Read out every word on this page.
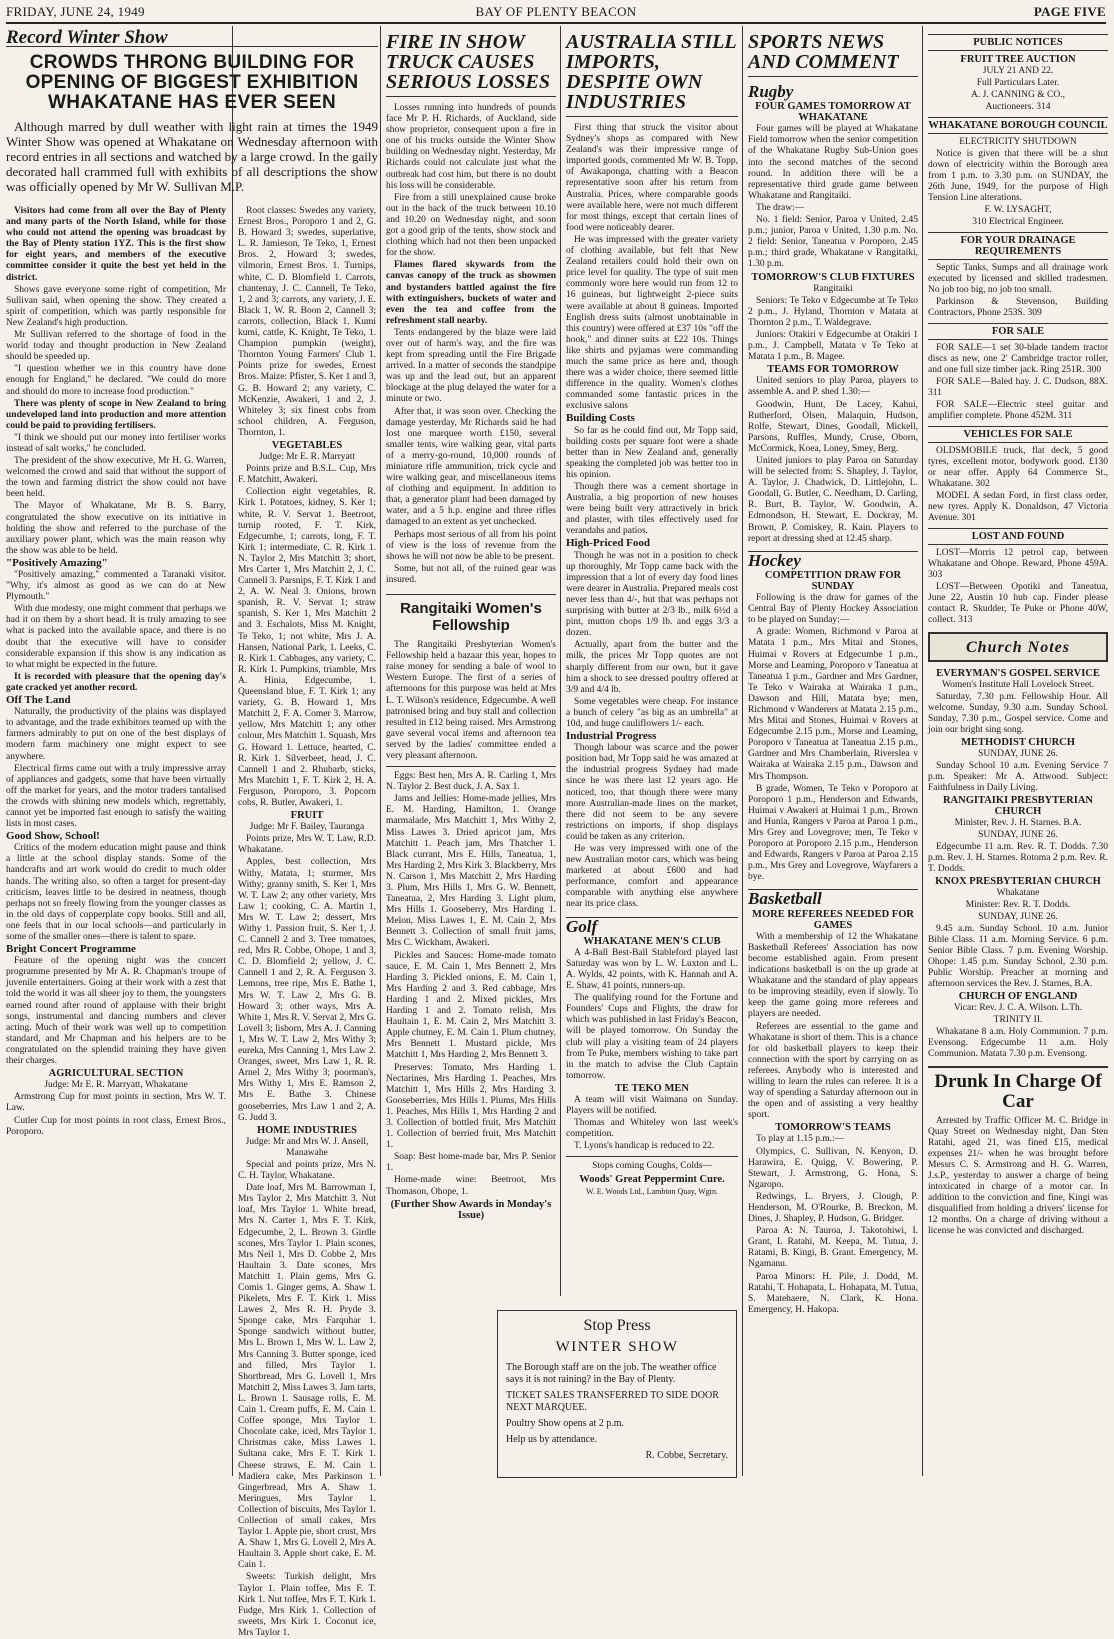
FRIDAY, JUNE 24, 1949	BAY OF PLENTY BEACON	PAGE FIVE
Record Winter Show
CROWDS THRONG BUILDING FOR OPENING OF BIGGEST EXHIBITION WHAKATANE HAS EVER SEEN

Although marred by dull weather with light rain at times the 1949 Winter Show was opened at Whakatane on Wednesday afternoon with record entries in all sections and watched by a large crowd. In the gaily decorated hall crammed full with exhibits of all descriptions the show was officially opened by Mr W. Sullivan M.P.

Visitors had come from all over the Bay of Plenty and many parts of the North Island, while for those who could not attend the opening was broadcast by the Bay of Plenty station 1YZ. This is the first show for eight years, and members of the executive committee consider it quite the best yet held in the district.

Shows gave everyone some right of competition, Mr Sullivan said, when opening the show. They created a spirit of competition, which was partly responsible for New Zealand's high production.

Mr Sullivan referred to the shortage of food in the world today and thought production in New Zealand should be speeded up.

"I question whether we in this country have done enough for England," he declared. "We could do more and should do more to increase food production."

There was plenty of scope in New Zealand to bring undeveloped land into production and more attention could be paid to providing fertilisers.

"I think we should put our money into fertiliser works instead of salt works," he concluded.

The president of the show executive, Mr H. G. Warren, welcomed the crowd and said that without the support of the town and farming district the show could not have been held.

The Mayor of Whakatane, Mr B. S. Barry, congratulated the show executive on its initiative in holding the show and referred to the purchase of the auxiliary power plant, which was the main reason why the show was able to be held.

"Positively Amazing"

"Positively amazing," commented a Taranaki visitor. "Why, it's almost as good as we can do at New Plymouth."

With due modesty, one might comment that perhaps we had it on them by a short head. It is truly amazing to see what is packed into the available space, and there is no doubt that the executive will have to consider considerable expansion if this show is any indication as to what might be expected in the future.

It is recorded with pleasure that the opening day's gate cracked yet another record.

Off The Land

Naturally, the productivity of the plains was displayed to advantage, and the trade exhibitors teamed up with the farmers admirably to put on one of the best displays of modern farm machinery one might expect to see anywhere.

Electrical firms came out with a truly impressive array of appliances and gadgets, some that have been virtually off the market for years, and the motor traders tantalised the crowds with shining new models which, regrettably, cannot yet be imported fast enough to satisfy the waiting lists in most cases.

Good Show, School!

Critics of the modern education might pause and think a little at the school display stands. Some of the handcrafts and art work would do credit to much older hands. The writing also, so often a target for present-day criticism, leaves little to be desired in neatness, though perhaps not so freely flowing from the younger classes as in the old days of copperplate copy books. Still and all, one feels that in our local schools—and particularly in some of the smaller ones—there is talent to spare.

Bright Concert Programme

Feature of the opening night was the concert programme presented by Mr A. R. Chapman's troupe of juvenile entertainers. Going at their work with a zest that told the world it was all sheer joy to them, the youngsters earned round after round of applause with their bright songs, instrumental and dancing numbers and clever acting. Much of their work was well up to competition standard, and Mr Chapman and his helpers are to be congratulated on the splendid training they have given their charges.

AGRICULTURAL SECTION

Judge: Mr E. R. Marryatt, Whakatane

Armstrong Cup for most points in section, Mrs W. T. Law.

Cutler Cup for most points in root class, Ernest Bros., Poroporo.

Root classes: Swedes any variety, Ernest Bros., Poroporo 1 and 2, G. B. Howard 3; swedes, superlative, L. R. Jamieson, Te Teko, 1, Ernest Bros. 2, Howard 3; swedes, vilmorin, Ernest Bros. 1. Turnips, white, C. D. Blomfield 1. Carrots, chantenay, J. C. Cannell, Te Teko, 1, 2 and 3; carrots, any variety, J. E. Black 1, W. R. Boon 2, Cannell 3; carrots, collection, Black 1. Kumi kumi, cattle, K. Knight, Te Teko, 1. Champion pumpkin (weight), Thornton Young Farmers' Club 1. Points prize for swedes, Ernest Bros. Maize: Pfister, S. Ker 1 and 3, G. B. Howard 2; any variety, C. McKenzie, Awakeri, 1 and 2, J. Whiteley 3; six finest cobs from school children, A. Ferguson, Thornton, 1.

VEGETABLES

Judge: Mr E. R. Marryatt

Points prize and B.S.L. Cup, Mrs F. Matchitt, Awakeri.

Collection eight vegetables, R. Kirk 1. Potatoes, kidney, S. Ker 1; white, R. V. Servat 1. Beetroot, turnip rooted, F. T. Kirk, Edgecumbe, 1; carrots, long, F. T. Kirk 1; intermediate, C. R. Kirk 1. N. Taylor 2, Mrs Matchitt 3; short, Mrs Carter 1, Mrs Matchitt 2, J. C. Cannell 3. Parsnips, F. T. Kirk 1 and 2, A. W. Neal 3. Onions, brown spanish, R. V. Servat 1; straw spanish, S. Ker 1, Mrs Matchitt 2 and 3. Eschalots, Miss M. Knight, Te Teko, 1; not white, Mrs J. A. Hansen, National Park, 1. Leeks, C. R. Kirk 1. Cabbages, any variety, C. R. Kirk 1. Pumpkins, triamble, Mrs A. Hinia, Edgecumbe, 1. Queensland blue, F. T. Kirk 1; any variety, G. B. Howard 1, Mrs Matchitt 2, F. A. Comer 3. Marrow, yellow, Mrs Matchitt 1; any other colour, Mrs Matchitt 1. Squash, Mrs G. Howard 1. Lettuce, hearted, C. R. Kirk 1. Silverbeet, head, J. C. Cannell 1 and 2. Rhubarb, sticks, Mrs Matchitt 1, F. T. Kirk 2, H. A. Ferguson, Poroporo, 3. Popcorn cobs, R. Butler, Awakeri, 1.

FRUIT

Judge: Mr F. Bailey, Tauranga

Points prize, Mrs W. T. Law, R.D. Whakatane.

Apples, best collection, Mrs Withy, Matata, 1; sturmer, Mrs Withy; granny smith, S. Ker 1, Mrs W. T. Law 2; any other variety, Mrs Law 1; cooking, C. A. Martin 1, Mrs W. T. Law 2; dessert, Mrs Withy 1. Passion fruit, S. Ker 1, J. C. Cannell 2 and 3. Tree tomatoes, red, Mrs R. Cobbe, Ohope, 1 and 3, C. D. Blomfield 2; yellow, J. C. Cannell 1 and 2, R. A. Ferguson 3. Lemons, tree ripe, Mrs E. Bathe 1, Mrs W. T. Law 2, Mrs G. B. Howard 3; other ways, Mrs A. White 1, Mrs R. V. Servat 2, Mrs G. Lovell 3; lisborn, Mrs A. J. Canning 1, Mrs W. T. Law 2, Mrs Withy 3; eureka, Mrs Canning 1, Mrs Law 2. Oranges, sweet, Mrs Law 1, R. R. Arnel 2, Mrs Withy 3; poorman's, Mrs Withy 1, Mrs E. Ramson 2, Mrs E. Bathe 3. Chinese gooseberries, Mrs Law 1 and 2, A. G. Judd 3.

HOME INDUSTRIES

Judge: Mr and Mrs W. J. Ansell, Manawahe

Special and points prize, Mrs N. C. H. Taylor, Whakatane.

Date loaf, Mrs M. Barrowman 1, Mrs Taylor 2, Mrs Matchitt 3. Nut loaf, Mrs Taylor 1. White bread, Mrs N. Carter 1, Mrs F. T. Kirk, Edgecumbe, 2, L. Brown 3. Girdle scones, Mrs Taylor 1. Plain scones, Mrs Neil 1, Mrs D. Cobbe 2, Mrs Haultain 3. Date scones, Mrs Matchitt 1. Plain gems, Mrs G. Comis 1. Ginger gems, A. Shaw 1. Pikelets, Mrs F. T. Kirk 1. Miss Lawes 2, Mrs R. H. Pryde 3. Sponge cake, Mrs Farquhar 1. Sponge sandwich without butter, Mrs L. Brown 1, Mrs W. L. Law 2, Mrs Canning 3. Butter sponge, iced and filled, Mrs Taylor 1. Shortbread, Mrs G. Lovell 1, Mrs Matchitt 2, Miss Lawes 3. Jam tarts, L. Brown 1. Sausage rolls, E. M. Cain 1. Cream puffs, E. M. Cain 1. Coffee sponge, Mrs Taylor 1. Chocolate cake, iced, Mrs Taylor 1. Christmas cake, Miss Lawes 1. Sultana cake, Mrs F. T. Kirk 1. Cheese straws, E. M. Cain 1. Madiera cake, Mrs Parkinson 1. Gingerbread, Mrs A. Shaw 1. Meringues, Mrs Taylor 1. Collection of biscuits, Mrs Taylor 1. Collection of small cakes, Mrs Taylor 1. Apple pie, short crust, Mrs A. Shaw 1, Mrs G. Lovell 2, Mrs A. Haultain 3. Apple short cake, E. M. Cain 1.

Sweets: Turkish delight, Mrs Taylor 1. Plain toffee, Mrs F. T. Kirk 1. Nut toffee, Mrs F. T. Kirk 1. Fudge, Mrs Kirk 1. Collection of sweets, Mrs Kirk 1. Coconut ice, Mrs Taylor 1.

FIRE IN SHOW TRUCK CAUSES SERIOUS LOSSES

Losses running into hundreds of pounds face Mr P. H. Richards, of Auckland, side show proprietor, consequent upon a fire in one of his trucks outside the Winter Show building on Wednesday night. Yesterday, Mr Richards could not calculate just what the outbreak had cost him, but there is no doubt his loss will be considerable.

Fire from a still unexplained cause broke out in the back of the truck between 10.10 and 10.20 on Wednesday night, and soon got a good grip of the tents, show stock and clothing which had not then been unpacked for the show.

Flames flared skywards from the canvas canopy of the truck as showmen and bystanders battled against the fire with extinguishers, buckets of water and even the tea and coffee from the refreshment stall nearby.

Tents endangered by the blaze were laid over out of harm's way, and the fire was kept from spreading until the Fire Brigade arrived. In a matter of seconds the standpipe was up and the lead out, but an apparent blockage at the plug delayed the water for a minute or two.

After that, it was soon over. Checking the damage yesterday, Mr Richards said he had lost one marquee worth £150, several smaller tents, wire walking gear, vital parts of a merry-go-round, 10,000 rounds of miniature rifle ammunition, trick cycle and wire walking gear, and miscellaneous items of clothing and equipment. In addition to that, a generator plant had been damaged by water, and a 5 h.p. engine and three rifles damaged to an extent as yet unchecked.

Perhaps most serious of all from his point of view is the loss of revenue from the shows he will not now be able to be present.

Some, but not all, of the ruined gear was insured.

Rangitaiki Women's Fellowship

The Rangitaiki Presbyterian Women's Fellowship held a bazaar this year, hopes to raise money for sending a bale of wool to Western Europe. The first of a series of afternoons for this purpose was held at Mrs L. T. Wilson's residence, Edgecumbe. A well patronised bring and buy stall and collection resulted in £12 being raised. Mrs Armstrong gave several vocal items and afternoon tea served by the ladies' committee ended a very pleasant afternoon.

Eggs: Best hen, Mrs A. R. Carling 1, Mrs N. Taylor 2. Best duck, J. A. Sax 1.

Jams and Jellies: Home-made jellies, Mrs E. M. Harding, Hamilton, 1. Orange marmalade, Mrs Matchitt 1, Mrs Withy 2, Miss Lawes 3. Dried apricot jam, Mrs Matchitt 1. Peach jam, Mrs Thatcher 1. Black currant, Mrs E. Hills, Taneatua, 1, Mrs Harding 2, Mrs Kirk 3. Blackberry, Mrs N. Carson 1, Mrs Matchitt 2, Mrs Harding 3. Plum, Mrs Hills 1, Mrs G. W. Bennett, Taneatua, 2, Mrs Harding 3. Light plum, Mrs Hills 1. Gooseberry, Mrs Harding 1. Melon, Miss Lawes 1, E. M. Cain 2, Mrs Bennett 3. Collection of small fruit jams, Mrs C. Wickham, Awakeri.

Pickles and Sauces: Home-made tomato sauce, E. M. Cain 1, Mrs Bennett 2, Mrs Harding 3. Pickled onions, E. M. Cain 1, Mrs Harding 2 and 3. Red cabbage, Mrs Harding 1 and 2. Mixed pickles, Mrs Harding 1 and 2. Tomato relish, Mrs Haultain 1, E. M. Cain 2, Mrs Matchitt 3. Apple chutney, E. M. Cain 1. Plum chutney, Mrs Bennett 1. Mustard pickle, Mrs Matchitt 1, Mrs Harding 2, Mrs Bennett 3.

Preserves: Tomato, Mrs Harding 1. Nectarines, Mrs Harding 1. Peaches, Mrs Matchitt 1, Mrs Hills 2, Mrs Harding 3. Gooseberries, Mrs Hills 1. Plums, Mrs Hills 1. Peaches, Mrs Hills 1, Mrs Harding 2 and 3. Collection of bottled fruit, Mrs Matchitt 1. Collection of berried fruit, Mrs Matchitt 1.

Soap: Best home-made bar, Mrs P. Senior 1.

Home-made wine: Beetroot, Mrs Thomason, Ohope, 1.

(Further Show Awards in Monday's Issue)

AUSTRALIA STILL IMPORTS, DESPITE OWN INDUSTRIES

First thing that struck the visitor about Sydney's shops as compared with New Zealand's was their impressive range of imported goods, commented Mr W. B. Topp, of Awakaponga, chatting with a Beacon representative soon after his return from Australia. Prices, where comparable goods were available here, were not much different for most things, except that certain lines of food were noticeably dearer.

He was impressed with the greater variety of clothing available, but felt that New Zealand retailers could hold their own on price level for quality. The type of suit men commonly wore here would run from 12 to 16 guineas, but lightweight 2-piece suits were available at about 8 guineas. Imported English dress suits (almost unobtainable in this country) were offered at £37 10s "off the hook," and dinner suits at £22 10s. Things like shirts and pyjamas were commanding much the same price as here and, though there was a wider choice, there seemed little difference in the quality. Women's clothes commanded some fantastic prices in the exclusive salons

Building Costs

So far as he could find out, Mr Topp said, building costs per square foot were a shade better than in New Zealand and, generally speaking the completed job was better too in his opinion.

Though there was a cement shortage in Australia, a big proportion of new houses were being built very attractively in brick and plaster, with tiles effectively used for verandahs and patios.

High-Priced Food

Though he was not in a position to check up thoroughly, Mr Topp came back with the impression that a lot of every day food lines were dearer in Australia. Prepared meals cost never less than 4/-, but that was perhaps not surprising with butter at 2/3 lb., milk 6½d a pint, mutton chops 1/9 lb. and eggs 3/3 a dozen.

Actually, apart from the butter and the milk, the prices Mr Topp quotes are not sharply different from our own, but it gave him a shock to see dressed poultry offered at 3/9 and 4/4 lb.

Some vegetables were cheap. For instance a bunch of celery "as big as an umbrella" at 10d, and huge cauliflowers 1/- each.

Industrial Progress

Though labour was scarce and the power position bad, Mr Topp said he was amazed at the industrial progress Sydney had made since he was there last 12 years ago. He noticed, too, that though there were many more Australian-made lines on the market, there did not seem to be any severe restrictions on imports, if shop displays could be taken as any criterion.

He was very impressed with one of the new Australian motor cars, which was being marketed at about £600 and had performance, comfort and appearance comparable with anything else anywhere near its price class.

Golf

WHAKATANE MEN'S CLUB

A 4-Ball Best-Ball Stableford played last Saturday was won by L. W. Luxton and L. A. Wylds, 42 points, with K. Hannah and A. E. Shaw, 41 points, runners-up.

The qualifying round for the Fortune and Founders' Cups and Flights, the draw for which was published in last Friday's Beacon, will be played tomorrow. On Sunday the club will play a visiting team of 24 players from Te Puke, members wishing to take part in the match to advise the Club Captain tomorrow.

TE TEKO MEN

A team will visit Waimana on Sunday. Players will be notified.

Thomas and Whiteley won last week's competition.

T. Lyons's handicap is reduced to 22.

Stops coming Coughs, Colds—

Woods' Great Peppermint Cure.

W. E. Woods Ltd., Lambton Quay, Wgtn.

SPORTS NEWS AND COMMENT
Rugby

FOUR GAMES TOMORROW AT WHAKATANE

Four games will be played at Whakatane Field tomorrow when the senior competition of the Whakatane Rugby Sub-Union goes into the second matches of the second round. In addition there will be a representative third grade game between Whakatane and Rangitaiki.

The draw:—

No. 1 field: Senior, Paroa v United, 2.45 p.m.; junior, Paroa v United, 1.30 p.m. No. 2 field: Senior, Taneatua v Poroporo, 2.45 p.m.; third grade, Whakatane v Rangitaiki, 1.30 p.m.

TOMORROW'S CLUB FIXTURES

Rangitaiki

Seniors: Te Teko v Edgecumbe at Te Teko 2 p.m., J. Hyland, Thornton v Matata at Thornton 2 p.m., T. Waldegrave.

Juniors: Otakiri v Edgecumbe at Otakiri 1 p.m., J. Campbell, Matata v Te Teko at Matata 1 p.m., B. Magee.

TEAMS FOR TOMORROW

United seniors to play Paroa, players to assemble A. and P. shed 1.30:—

Goodwin, Hunt, De Lacey, Kahui, Rutherford, Olsen, Malaquin, Hudson, Rolfe, Stewart, Dines, Goodall, Mickell, Parsons, Ruffles, Mundy, Cruse, Oborn, McCormick, Koea, Loney, Smey, Berg.

United juniors to play Paroa on Saturday will be selected from: S. Shapley, J. Taylor, A. Taylor, J. Chadwick, D. Littlejohn, L. Goodall, G. Butler, C. Needham, D. Carling, R. Burt, B. Taylor, W. Goodwin, A. Edmondson, H. Stewart, E. Dockray, M. Brown, P. Comiskey, R. Kain. Players to report at dressing shed at 12.45 sharp.

Hockey

COMPETITION DRAW FOR SUNDAY

Following is the draw for games of the Central Bay of Plenty Hockey Association to be played on Sunday:—

A grade: Women, Richmond v Paroa at Matata 1 p.m., Mrs Mitai and Stones, Huimai v Rovers at Edgecumbe 1 p.m., Morse and Leaming, Poroporo v Taneatua at Taneatua 1 p.m., Gardner and Mrs Gardner, Te Teko v Wairaka at Wairaka 1 p.m., Dawson and Hill, Matata bye; men, Richmond v Wanderers at Matata 2.15 p.m., Mrs Mitai and Stones, Huimai v Rovers at Edgecumbe 2.15 p.m., Morse and Leaming, Poroporo v Taneatua at Taneatua 2.15 p.m., Gardner and Mrs Chamberlain, Riverslea v Wairaka at Wairaka 2.15 p.m., Dawson and Mrs Thompson.

B grade, Women, Te Teko v Poroporo at Poroporo 1 p.m., Henderson and Edwards, Huimai v Awakeri at Huimai 1 p.m., Brown and Hunia, Rangers v Paroa at Paroa 1 p.m., Mrs Grey and Lovegrove; men, Te Teko v Poroporo at Poroporo 2.15 p.m., Henderson and Edwards, Rangers v Paroa at Paroa 2.15 p.m., Mrs Grey and Lovegrove, Wayfarers a bye.

Basketball

MORE REFEREES NEEDED FOR GAMES

With a membership of 12 the Whakatane Basketball Referees' Association has now become established again. From present indications basketball is on the up grade at Whakatane and the standard of play appears to be improving steadily, even if slowly. To keep the game going more referees and players are needed.

Referees are essential to the game and Whakatane is short of them. This is a chance for old basketball players to keep their connection with the sport by carrying on as referees. Anybody who is interested and willing to learn the rules can referee. It is a way of spending a Saturday afternoon out in the open and of assisting a very healthy sport.

TOMORROW'S TEAMS

To play at 1.15 p.m.:—

Olympics, C. Sullivan, N. Kenyon, D. Harawira, E. Quigg, V. Bowering, P. Stewart, J. Armstrong, G. Hona, S. Ngaropo.

Redwings, L. Bryers, J. Clough, P. Henderson, M. O'Rourke, B. Breckon, M. Dines, J. Shapley, P. Hudson, G. Bridger.

Paroa A: N. Tauroa, J. Takotohiwi, I. Grant, I. Ratahi, M. Keepa, M. Tutua, J. Ratami, B. Kingi, B. Grant. Emergency, M. Ngamanu.

Paroa Minors: H. Pile, J. Dodd, M. Ratahi, T. Hohapata, L. Hohapata, M. Tutua, S. Matehaere, N. Clark, K. Hona. Emergency, H. Hakopa.

PUBLIC NOTICES

FRUIT TREE AUCTION

JULY 21 AND 22.

Full Particulars Later.

A. J. CANNING & CO.,

Auctioneers. 314

WHAKATANE BOROUGH COUNCIL

ELECTRICITY SHUTDOWN

Notice is given that there will be a shut down of electricity within the Borough area from 1 p.m. to 3.30 p.m. on SUNDAY, the 26th June, 1949, for the purpose of High Tension Line alterations.

F. W. LYSAGHT,

310 Electrical Engineer.

FOR YOUR DRAINAGE REQUIREMENTS

Septic Tanks, Sumps and all drainage work executed by licensed and skilled tradesmen. No job too big, no job too small.

Parkinson & Stevenson, Building Contractors, Phone 253S. 309

FOR SALE

FOR SALE—1 set 30-blade tandem tractor discs as new, one 2' Cambridge tractor roller, and one full size timber jack. Ring 251R. 300

FOR SALE—Baled hay. J. C. Dudson, 88X. 311

FOR SALE—Electric steel guitar and amplifier complete. Phone 452M. 311

VEHICLES FOR SALE

OLDSMOBILE truck, flat deck, 5 good tyres, excellent motor, bodywork good. £130 or near offer. Apply 64 Commerce St., Whakatane. 302

MODEL A sedan Ford, in first class order, new tyres. Apply K. Donaldson, 47 Victoria Avenue. 301

LOST AND FOUND

LOST—Morris 12 petrol cap, between Whakatane and Ohope. Reward, Phone 459A. 303

LOST—Between Opotiki and Taneatua, June 22, Austin 10 hub cap. Finder please contact R. Skudder, Te Puke or Phone 40W, collect. 313

Church Notes

EVERYMAN'S GOSPEL SERVICE

Women's Institute Hall Lovelock Street.

Saturday, 7.30 p.m. Fellowship Hour. All welcome. Sunday, 9.30 a.m. Sunday School. Sunday, 7.30 p.m., Gospel service. Come and join our bright sing song.

METHODIST CHURCH

SUNDAY, JUNE 26.

Sunday School 10 a.m. Evening Service 7 p.m. Speaker: Mr A. Attwood. Subject: Faithfulness in Daily Living.

RANGITAIKI PRESBYTERIAN CHURCH

Minister, Rev. J. H. Starnes. B.A.

SUNDAY, JUNE 26.

Edgecumbe 11 a.m. Rev. R. T. Dodds. 7.30 p.m. Rev. J. H. Starnes. Rotoma 2 p.m. Rev. R. T. Dodds.

KNOX PRESBYTERIAN CHURCH

Whakatane

Minister: Rev. R. T. Dodds.

SUNDAY, JUNE 26.

9.45 a.m. Sunday School. 10 a.m. Junior Bible Class. 11 a.m. Morning Service. 6 p.m. Senior Bible Class. 7 p.m. Evening Worship. Ohope: 1.45 p.m. Sunday School, 2.30 p.m. Public Worship. Preacher at morning and afternoon services the Rev. J. Starnes, B.A.

CHURCH OF ENGLAND

Vicar: Rev. J. C. A. Wilson. L.Th.

TRINITY II.

Whakatane 8 a.m. Holy Communion. 7 p.m. Evensong. Edgecumbe 11 a.m. Holy Communion. Matata 7.30 p.m. Evensong.

Drunk In Charge Of Car

Arrested by Traffic Officer M. C. Bridge in Quay Street on Wednesday night, Dan Steu Ratahi, aged 21, was fined £15, medical expenses 21/- when he was brought before Messrs C. S. Armstrong and H. G. Warren, J.s.P., yesterday to answer a charge of being intoxicated in charge of a motor car. In addition to the conviction and fine, Kingi was disqualified from holding a drivers' license for 12 months. On a charge of driving without a license he was convicted and discharged.

Stop Press
WINTER SHOW

The Borough staff are on the job. The weather office says it is not raining? in the Bay of Plenty.

TICKET SALES TRANSFERRED TO SIDE DOOR NEXT MARQUEE.

Poultry Show opens at 2 p.m.

Help us by attendance.

R. Cobbe, Secretary.
